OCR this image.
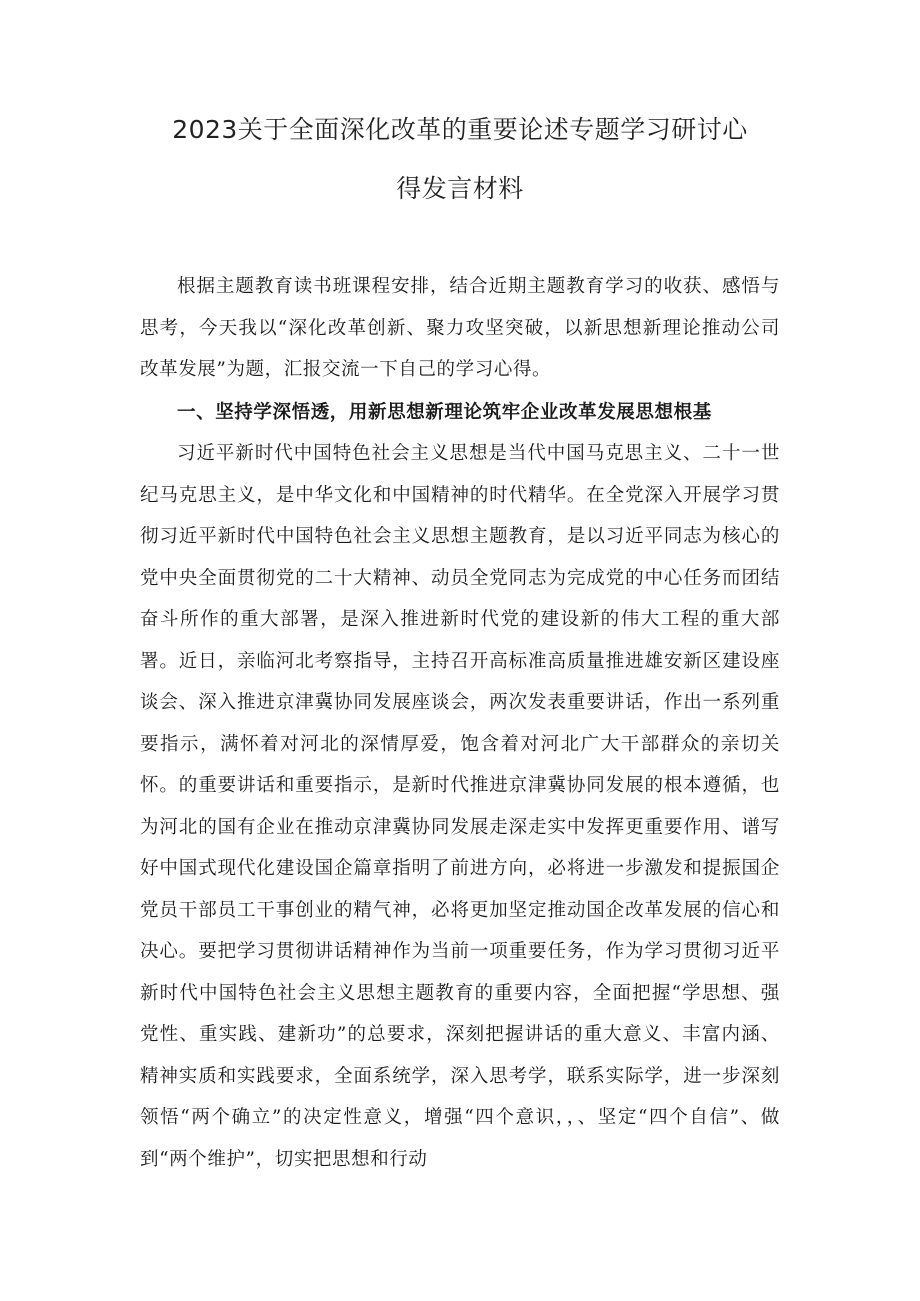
2023关于全面深化改革的重要论述专题学习研讨心
得发言材料

根据主题教育读书班课程安排，结合近期主题教育学习的收获、感悟与思考，今天我以“深化改革创新、聚力攻坚突破，以新思想新理论推动公司改革发展”为题，汇报交流一下自己的学习心得。

一、坚持学深悟透，用新思想新理论筑牢企业改革发展思想根基

习近平新时代中国特色社会主义思想是当代中国马克思主义、二十一世纪马克思主义，是中华文化和中国精神的时代精华。在全党深入开展学习贯彻习近平新时代中国特色社会主义思想主题教育，是以习近平同志为核心的党中央全面贯彻党的二十大精神、动员全党同志为完成党的中心任务而团结奋斗所作的重大部署，是深入推进新时代党的建设新的伟大工程的重大部署。近日，亲临河北考察指导，主持召开高标准高质量推进雄安新区建设座谈会、深入推进京津冀协同发展座谈会，两次发表重要讲话，作出一系列重要指示，满怀着对河北的深情厚爱，饱含着对河北广大干部群众的亲切关怀。的重要讲话和重要指示，是新时代推进京津冀协同发展的根本遵循，也为河北的国有企业在推动京津冀协同发展走深走实中发挥更重要作用、谱写好中国式现代化建设国企篇章指明了前进方向，必将进一步激发和提振国企党员干部员工干事创业的精气神，必将更加坚定推动国企改革发展的信心和决心。要把学习贯彻讲话精神作为当前一项重要任务，作为学习贯彻习近平新时代中国特色社会主义思想主题教育的重要内容，全面把握“学思想、强党性、重实践、建新功”的总要求，深刻把握讲话的重大意义、丰富内涵、精神实质和实践要求，全面系统学，深入思考学，联系实际学，进一步深刻领悟“两个确立”的决定性意义，增强“四个意识，，、坚定“四个自信”、做到“两个维护”，切实把思想和行动
